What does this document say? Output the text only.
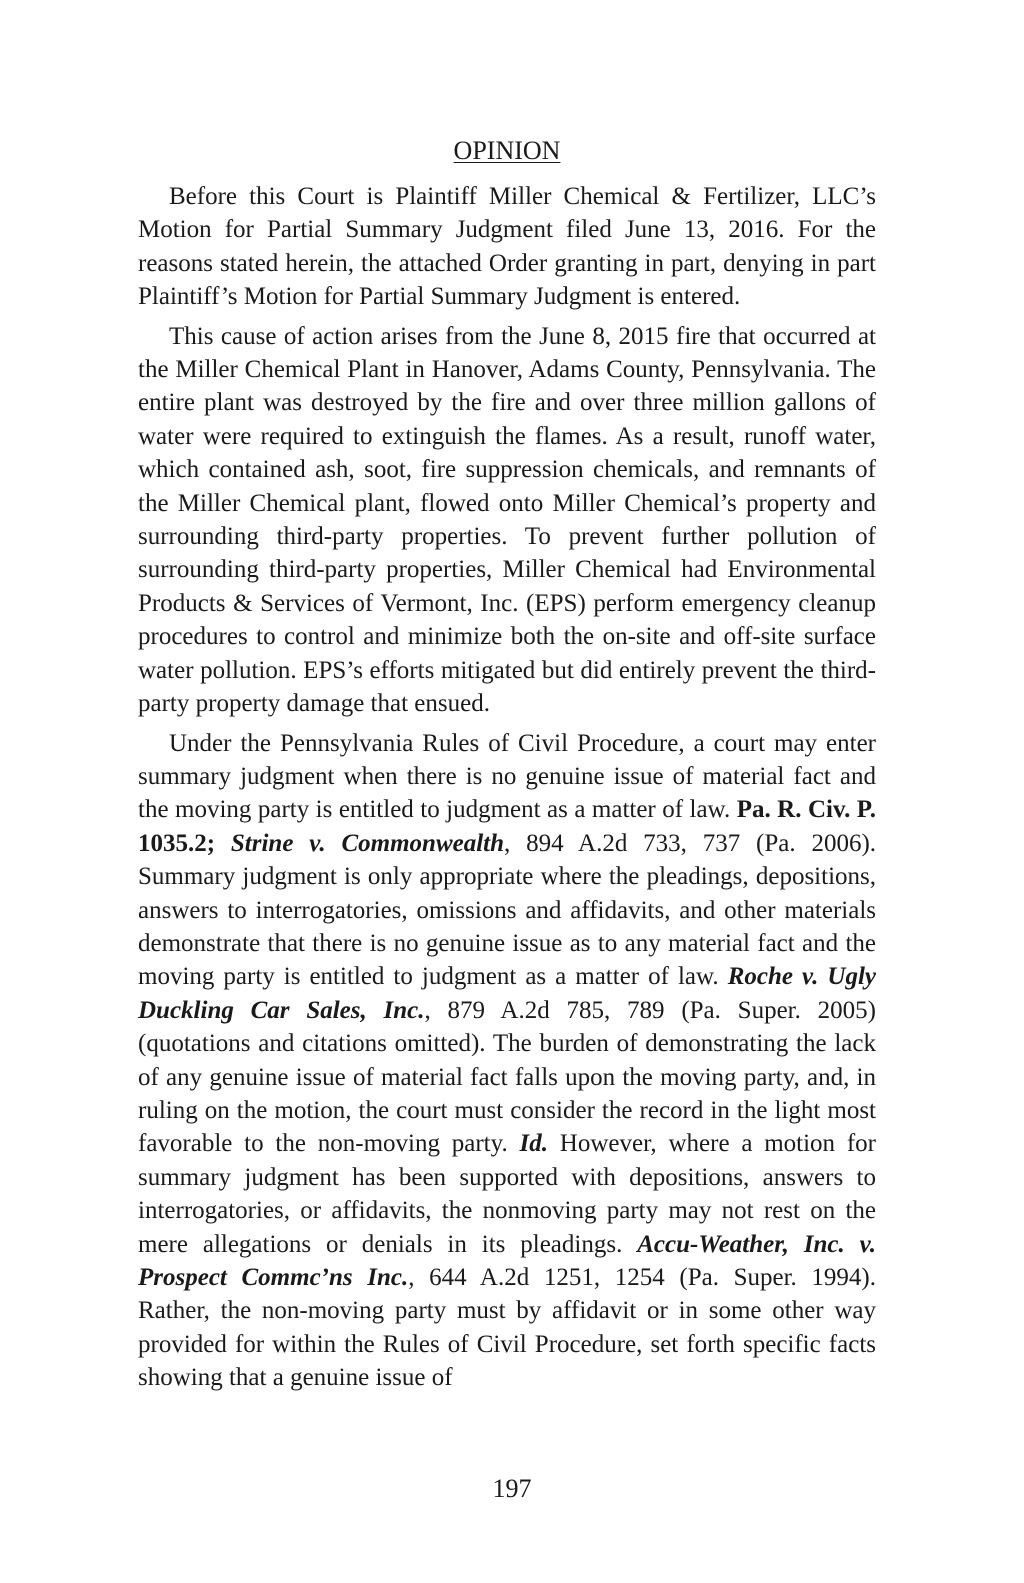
OPINION

Before this Court is Plaintiff Miller Chemical & Fertilizer, LLC’s Motion for Partial Summary Judgment filed June 13, 2016. For the reasons stated herein, the attached Order granting in part, denying in part Plaintiff’s Motion for Partial Summary Judgment is entered.

This cause of action arises from the June 8, 2015 fire that occurred at the Miller Chemical Plant in Hanover, Adams County, Pennsylvania. The entire plant was destroyed by the fire and over three million gallons of water were required to extinguish the flames. As a result, runoff water, which contained ash, soot, fire suppression chemicals, and remnants of the Miller Chemical plant, flowed onto Miller Chemical’s property and surrounding third-party properties. To prevent further pollution of surrounding third-party properties, Miller Chemical had Environmental Products & Services of Vermont, Inc. (EPS) perform emergency cleanup procedures to control and minimize both the on-site and off-site surface water pollution. EPS’s efforts mitigated but did entirely prevent the third-party property damage that ensued.

Under the Pennsylvania Rules of Civil Procedure, a court may enter summary judgment when there is no genuine issue of material fact and the moving party is entitled to judgment as a matter of law. Pa. R. Civ. P. 1035.2; Strine v. Commonwealth, 894 A.2d 733, 737 (Pa. 2006). Summary judgment is only appropriate where the pleadings, depositions, answers to interrogatories, omissions and affidavits, and other materials demonstrate that there is no genuine issue as to any material fact and the moving party is entitled to judgment as a matter of law. Roche v. Ugly Duckling Car Sales, Inc., 879 A.2d 785, 789 (Pa. Super. 2005) (quotations and citations omitted). The burden of demonstrating the lack of any genuine issue of material fact falls upon the moving party, and, in ruling on the motion, the court must consider the record in the light most favorable to the non-moving party. Id. However, where a motion for summary judgment has been supported with depositions, answers to interrogatories, or affidavits, the nonmoving party may not rest on the mere allegations or denials in its pleadings. Accu-Weather, Inc. v. Prospect Commc’ns Inc., 644 A.2d 1251, 1254 (Pa. Super. 1994). Rather, the non-moving party must by affidavit or in some other way provided for within the Rules of Civil Procedure, set forth specific facts showing that a genuine issue of

197
